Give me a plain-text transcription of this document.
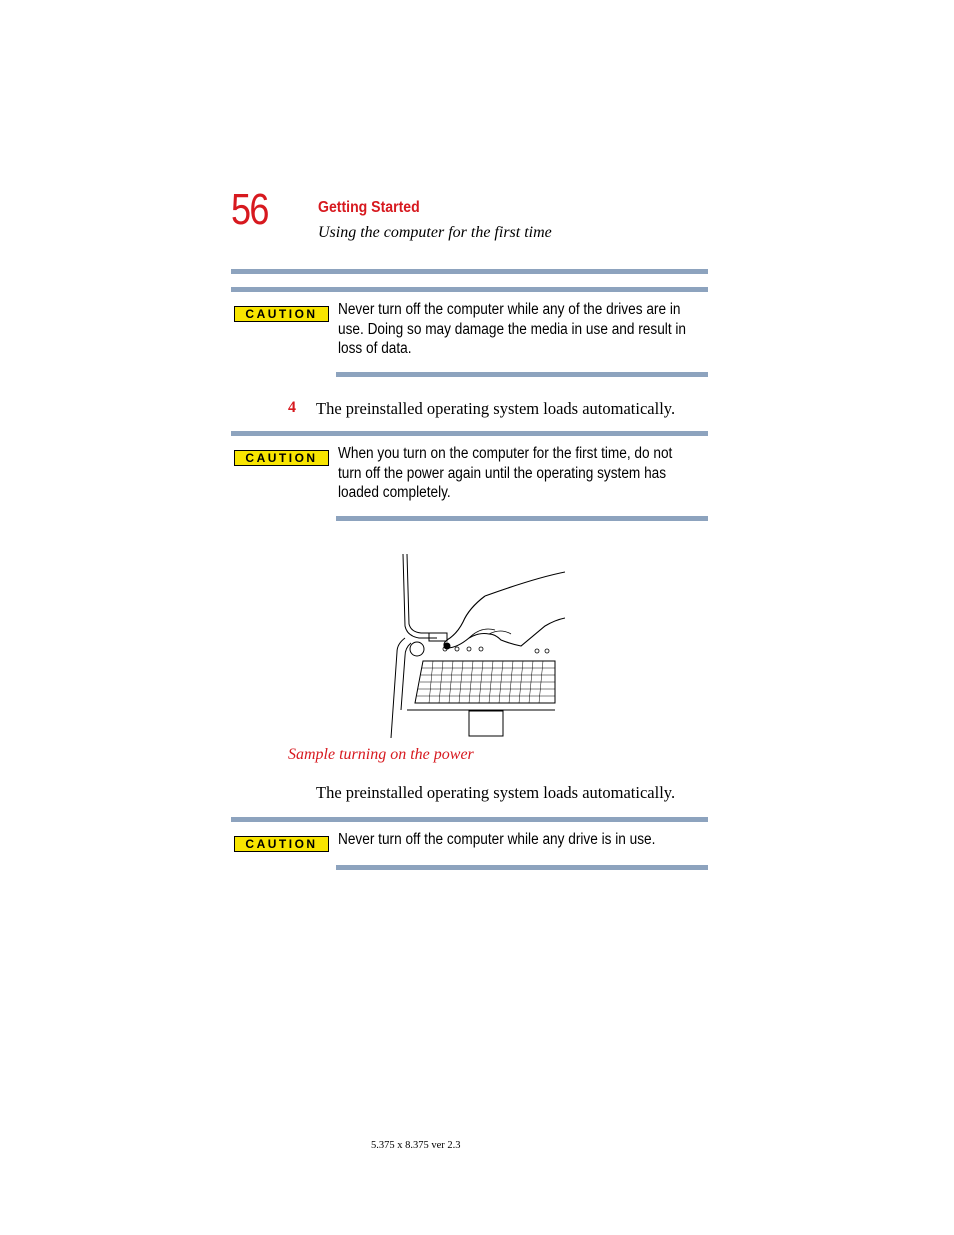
56	Getting Started
Using the computer for the first time
CAUTION	Never turn off the computer while any of the drives are in use. Doing so may damage the media in use and result in loss of data.
4 The preinstalled operating system loads automatically.
CAUTION	When you turn on the computer for the first time, do not turn off the power again until the operating system has loaded completely.
Sample turning on the power
The preinstalled operating system loads automatically.
CAUTION	Never turn off the computer while any drive is in use.
5.375 x 8.375 ver 2.3
